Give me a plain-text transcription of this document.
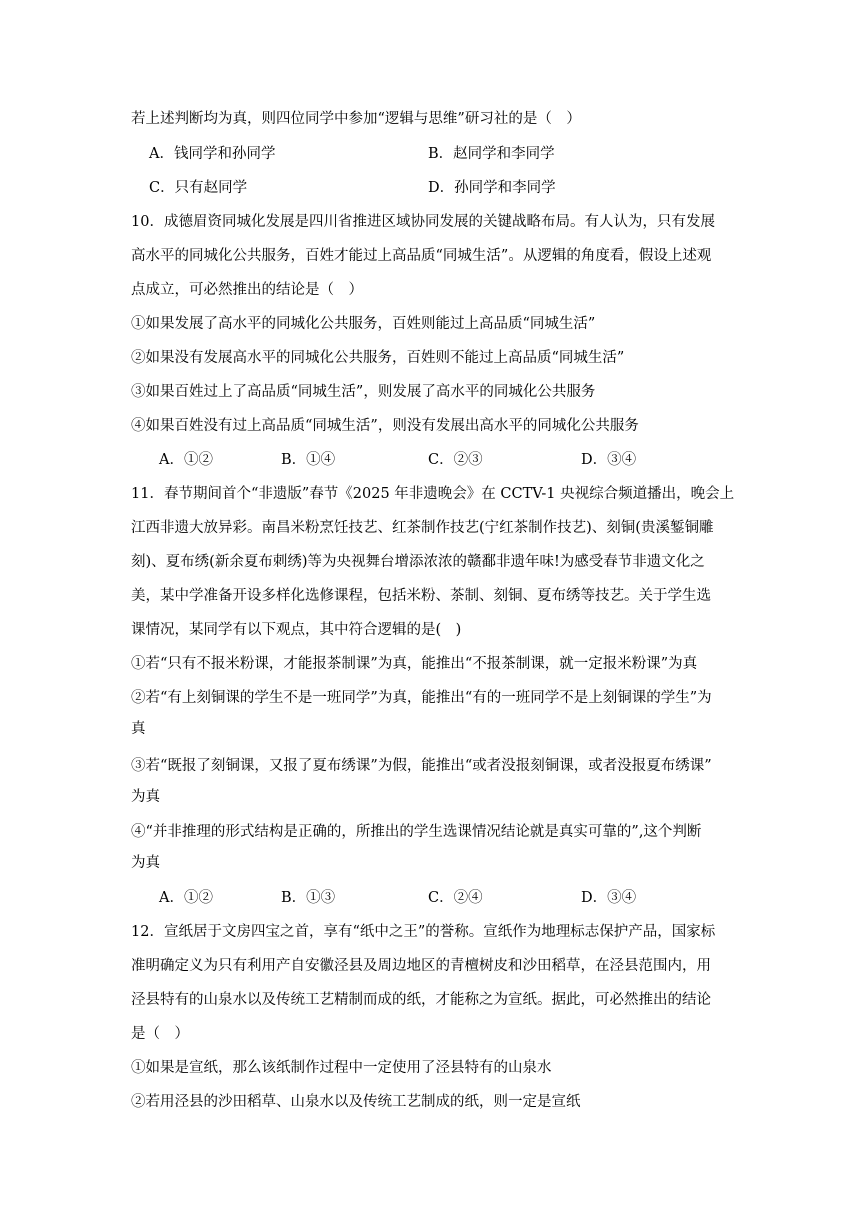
若上述判断均为真，则四位同学中参加“逻辑与思维”研习社的是（　）
A．钱同学和孙同学	B．赵同学和李同学
C．只有赵同学	D．孙同学和李同学
10．成德眉资同城化发展是四川省推进区域协同发展的关键战略布局。有人认为，只有发展
高水平的同城化公共服务，百姓才能过上高品质“同城生活”。从逻辑的角度看，假设上述观
点成立，可必然推出的结论是（　）
①如果发展了高水平的同城化公共服务，百姓则能过上高品质“同城生活”
②如果没有发展高水平的同城化公共服务，百姓则不能过上高品质“同城生活”
③如果百姓过上了高品质“同城生活”，则发展了高水平的同城化公共服务
④如果百姓没有过上高品质“同城生活”，则没有发展出高水平的同城化公共服务
A．①②	B．①④	C．②③	D．③④
11．春节期间首个“非遗版”春节《2025 年非遗晚会》在 CCTV-1 央视综合频道播出，晚会上
江西非遗大放异彩。南昌米粉烹饪技艺、红茶制作技艺(宁红茶制作技艺)、刻铜(贵溪錾铜雕
刻)、夏布绣(新余夏布刺绣)等为央视舞台增添浓浓的赣鄱非遗年味!为感受春节非遗文化之
美，某中学准备开设多样化选修课程，包括米粉、茶制、刻铜、夏布绣等技艺。关于学生选
课情况，某同学有以下观点，其中符合逻辑的是(　)
①若“只有不报米粉课，才能报茶制课”为真，能推出“不报茶制课，就一定报米粉课”为真
②若“有上刻铜课的学生不是一班同学”为真，能推出“有的一班同学不是上刻铜课的学生”为
真
③若“既报了刻铜课，又报了夏布绣课”为假，能推出“或者没报刻铜课，或者没报夏布绣课”
为真
④“并非推理的形式结构是正确的，所推出的学生选课情况结论就是真实可靠的”,这个判断
为真
A．①②	B．①③	C．②④	D．③④
12．宣纸居于文房四宝之首，享有“纸中之王”的誉称。宣纸作为地理标志保护产品，国家标
准明确定义为只有利用产自安徽泾县及周边地区的青檀树皮和沙田稻草，在泾县范围内，用
泾县特有的山泉水以及传统工艺精制而成的纸，才能称之为宣纸。据此，可必然推出的结论
是（　）
①如果是宣纸，那么该纸制作过程中一定使用了泾县特有的山泉水
②若用泾县的沙田稻草、山泉水以及传统工艺制成的纸，则一定是宣纸
